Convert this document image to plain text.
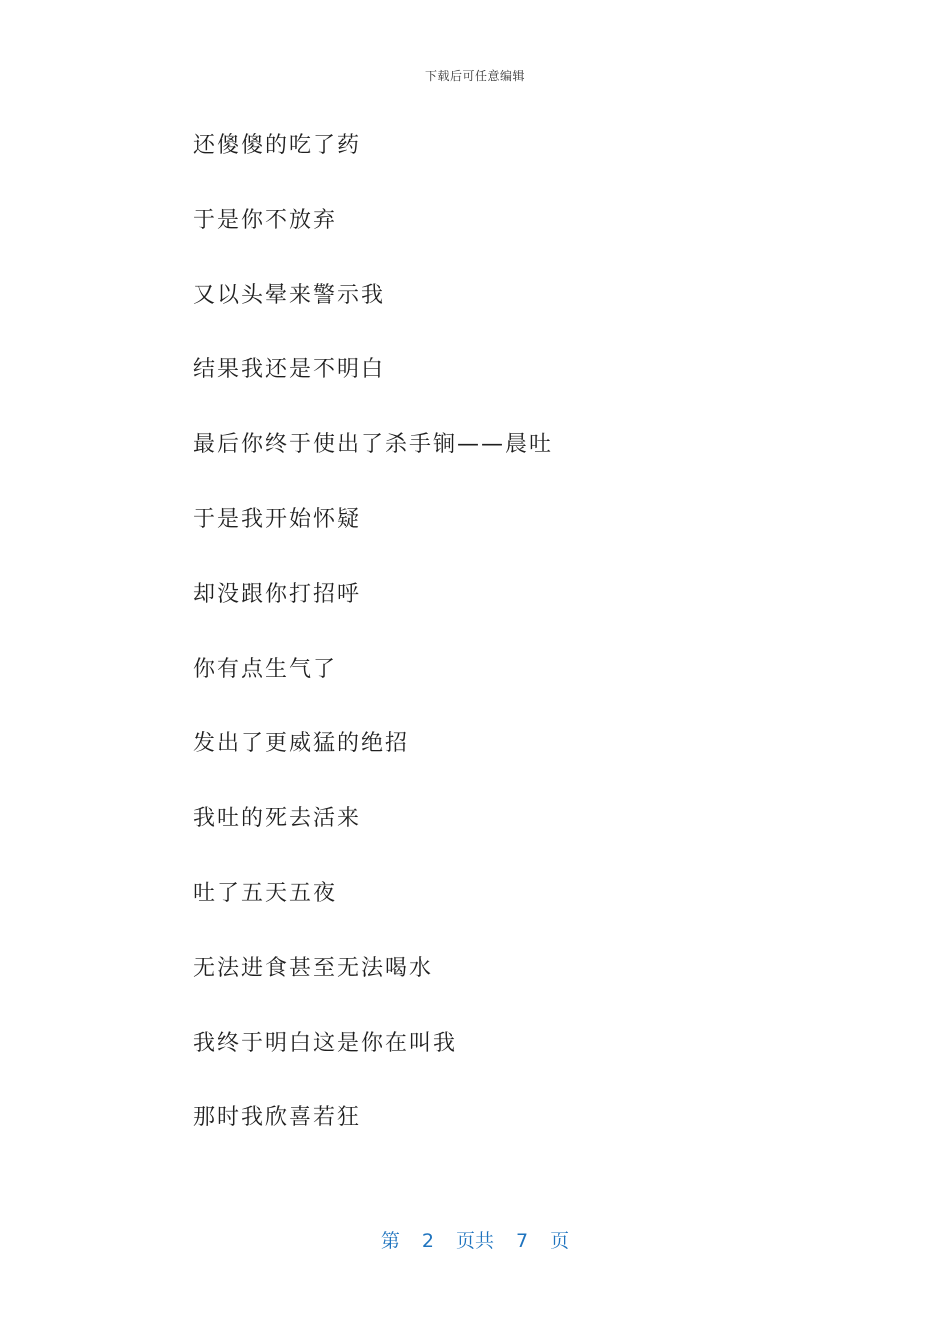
下载后可任意编辑
还傻傻的吃了药
于是你不放弃
又以头晕来警示我
结果我还是不明白
最后你终于使出了杀手锏——晨吐
于是我开始怀疑
却没跟你打招呼
你有点生气了
发出了更威猛的绝招
我吐的死去活来
吐了五天五夜
无法进食甚至无法喝水
我终于明白这是你在叫我
那时我欣喜若狂
第 2 页共 7 页
